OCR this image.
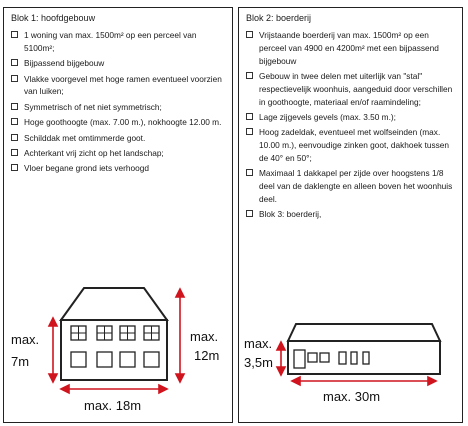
Blok 1: hoofdgebouw
1 woning van max. 1500m² op een perceel van 5100m²;
Bijpassend bijgebouw
Vlakke voorgevel met hoge ramen eventueel voorzien van luiken;
Symmetrisch of net niet symmetrisch;
Hoge goothoogte (max. 7.00 m.), nokhoogte 12.00 m.
Schilddak met omtimmerde goot.
Achterkant vrij zicht op het landschap;
Vloer begane grond iets verhoogd
max.
7m
max.
12m
max. 18m
Blok 2: boerderij
Vrijstaande boerderij van max. 1500m² op een perceel van 4900 en 4200m² met een bijpassend bijgebouw
Gebouw in twee delen met uiterlijk van "stal" respectievelijk woonhuis, aangeduid door verschillen in goothoogte, materiaal en/of raamindeling;
Lage zijgevels gevels (max. 3.50 m.);
Hoog zadeldak, eventueel met wolfseinden (max. 10.00 m.), eenvoudige zinken goot, dakhoek tussen de 40° en 50°;
Maximaal 1 dakkapel per zijde over hoogstens 1/8 deel van de daklengte en alleen boven het woonhuis deel.
Blok 3: boerderij,
max.
3,5m
max. 30m
